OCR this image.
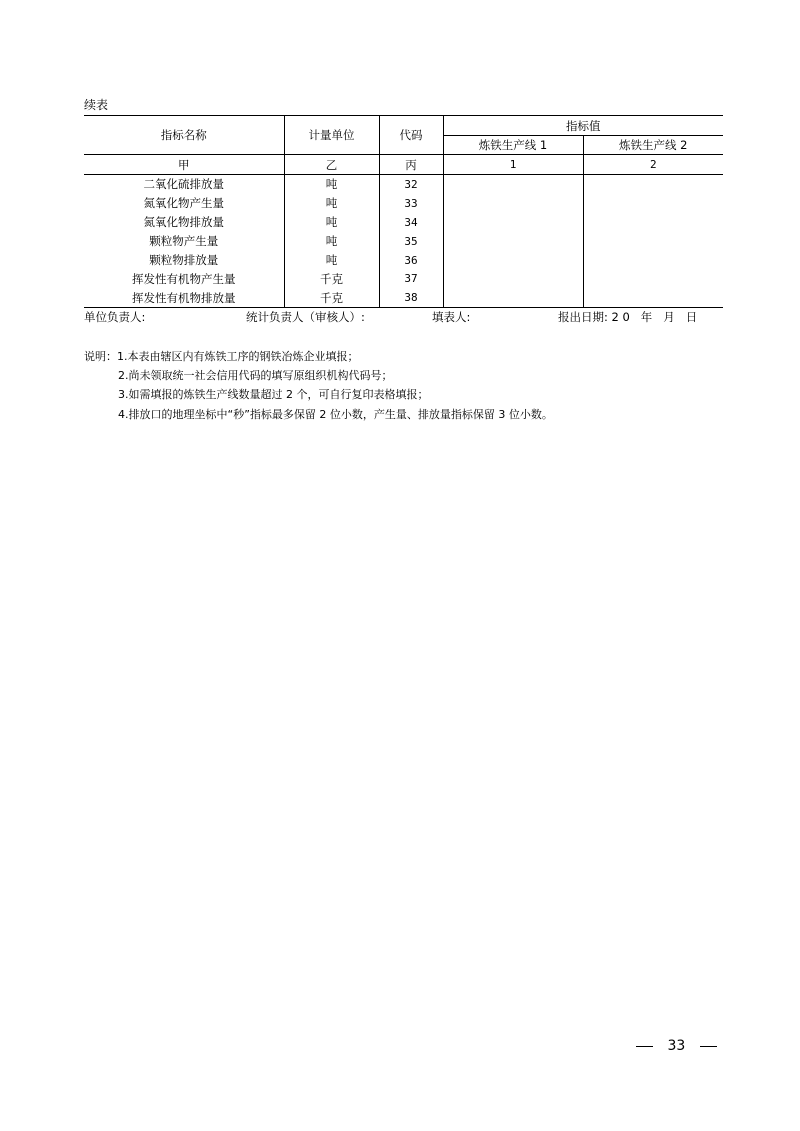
续表
指标名称	计量单位	代码	指标值	
			炼铁生产线 1	炼铁生产线 2
甲	乙	丙	1	2
二氧化硫排放量	吨	32		
氮氧化物产生量	吨	33		
氮氧化物排放量	吨	34		
颗粒物产生量	吨	35		
颗粒物排放量	吨	36		
挥发性有机物产生量	千克	37		
挥发性有机物排放量	千克	38		
单位负责人:	统计负责人（审核人）:	填表人:	报出日期: 2 0   年   月   日
说明：1.本表由辖区内有炼铁工序的钢铁冶炼企业填报；
2.尚未领取统一社会信用代码的填写原组织机构代码号；
3.如需填报的炼铁生产线数量超过 2 个，可自行复印表格填报；
4.排放口的地理坐标中“秒”指标最多保留 2 位小数，产生量、排放量指标保留 3 位小数。
33
